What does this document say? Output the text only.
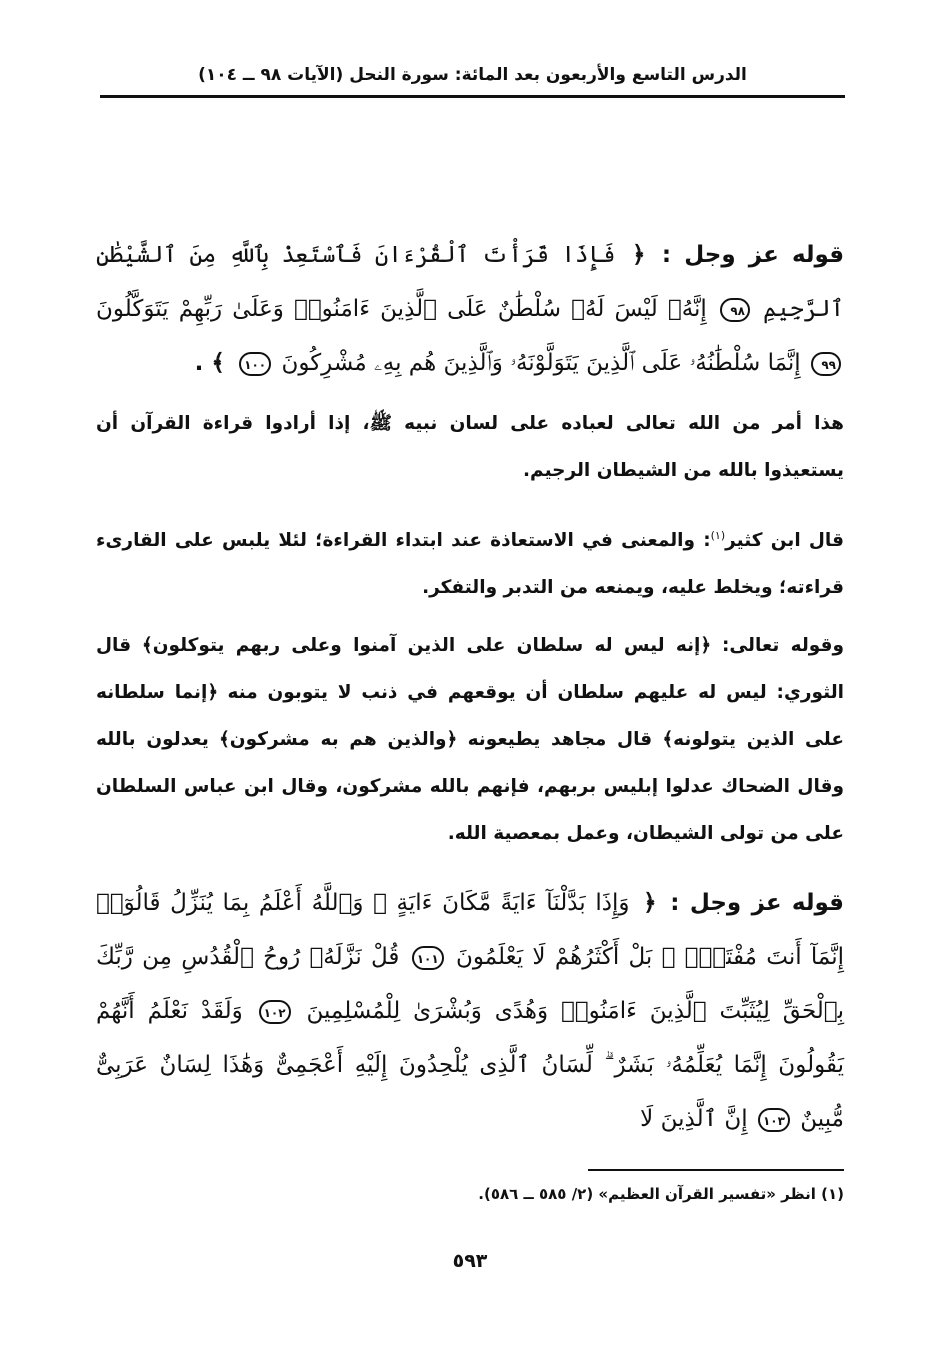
الدرس التاسع والأربعون بعد المائة: سورة النحل (الآيات ٩٨ ــ ١٠٤)
قوله عز وجل : ﴿ فَإِذَا قَرَأْتَ ٱلْقُرْءَانَ فَٱسْتَعِذْ بِٱللَّهِ مِنَ ٱلشَّيْطَٰنِ ٱلرَّجِيمِ ٩٨ إِنَّهُۥ لَيْسَ لَهُۥ سُلْطَٰنٌ عَلَى ٱلَّذِينَ ءَامَنُوا۟ وَعَلَىٰ رَبِّهِمْ يَتَوَكَّلُونَ ٩٩ إِنَّمَا سُلْطَٰنُهُۥ عَلَى ٱلَّذِينَ يَتَوَلَّوْنَهُۥ وَٱلَّذِينَ هُم بِهِۦ مُشْرِكُونَ ١٠٠ ﴾ .
هذا أمر من الله تعالى لعباده على لسان نبيه ﷺ، إذا أرادوا قراءة القرآن أن يستعيذوا بالله من الشيطان الرجيم.
قال ابن كثير$^{(١)}$: والمعنى في الاستعاذة عند ابتداء القراءة؛ لئلا يلبس على القارىء قراءته؛ ويخلط عليه، ويمنعه من التدبر والتفكر.
وقوله تعالى: ﴿إنه ليس له سلطان على الذين آمنوا وعلى ربهم يتوكلون﴾ قال الثوري: ليس له عليهم سلطان أن يوقعهم في ذنب لا يتوبون منه ﴿إنما سلطانه على الذين يتولونه﴾ قال مجاهد يطيعونه ﴿والذين هم به مشركون﴾ يعدلون بالله وقال الضحاك عدلوا إبليس بربهم، فإنهم بالله مشركون، وقال ابن عباس السلطان على من تولى الشيطان، وعمل بمعصية الله.
قوله عز وجل : ﴿ وَإِذَا بَدَّلْنَآ ءَايَةً مَّكَانَ ءَايَةٍ ۙ وَٱللَّهُ أَعْلَمُ بِمَا يُنَزِّلُ قَالُوٓا۟ إِنَّمَآ أَنتَ مُفْتَرٍۭ ۚ بَلْ أَكْثَرُهُمْ لَا يَعْلَمُونَ ١٠١ قُلْ نَزَّلَهُۥ رُوحُ ٱلْقُدُسِ مِن رَّبِّكَ بِٱلْحَقِّ لِيُثَبِّتَ ٱلَّذِينَ ءَامَنُوا۟ وَهُدًى وَبُشْرَىٰ لِلْمُسْلِمِينَ ١٠٢ وَلَقَدْ نَعْلَمُ أَنَّهُمْ يَقُولُونَ إِنَّمَا يُعَلِّمُهُۥ بَشَرٌ ۗ لِّسَانُ ٱلَّذِى يُلْحِدُونَ إِلَيْهِ أَعْجَمِىٌّ وَهَٰذَا لِسَانٌ عَرَبِىٌّ مُّبِينٌ ١٠٣ إِنَّ ٱلَّذِينَ لَا
(١) انظر «تفسير القرآن العظيم» (٢/ ٥٨٥ ــ ٥٨٦).
٥٩٣
